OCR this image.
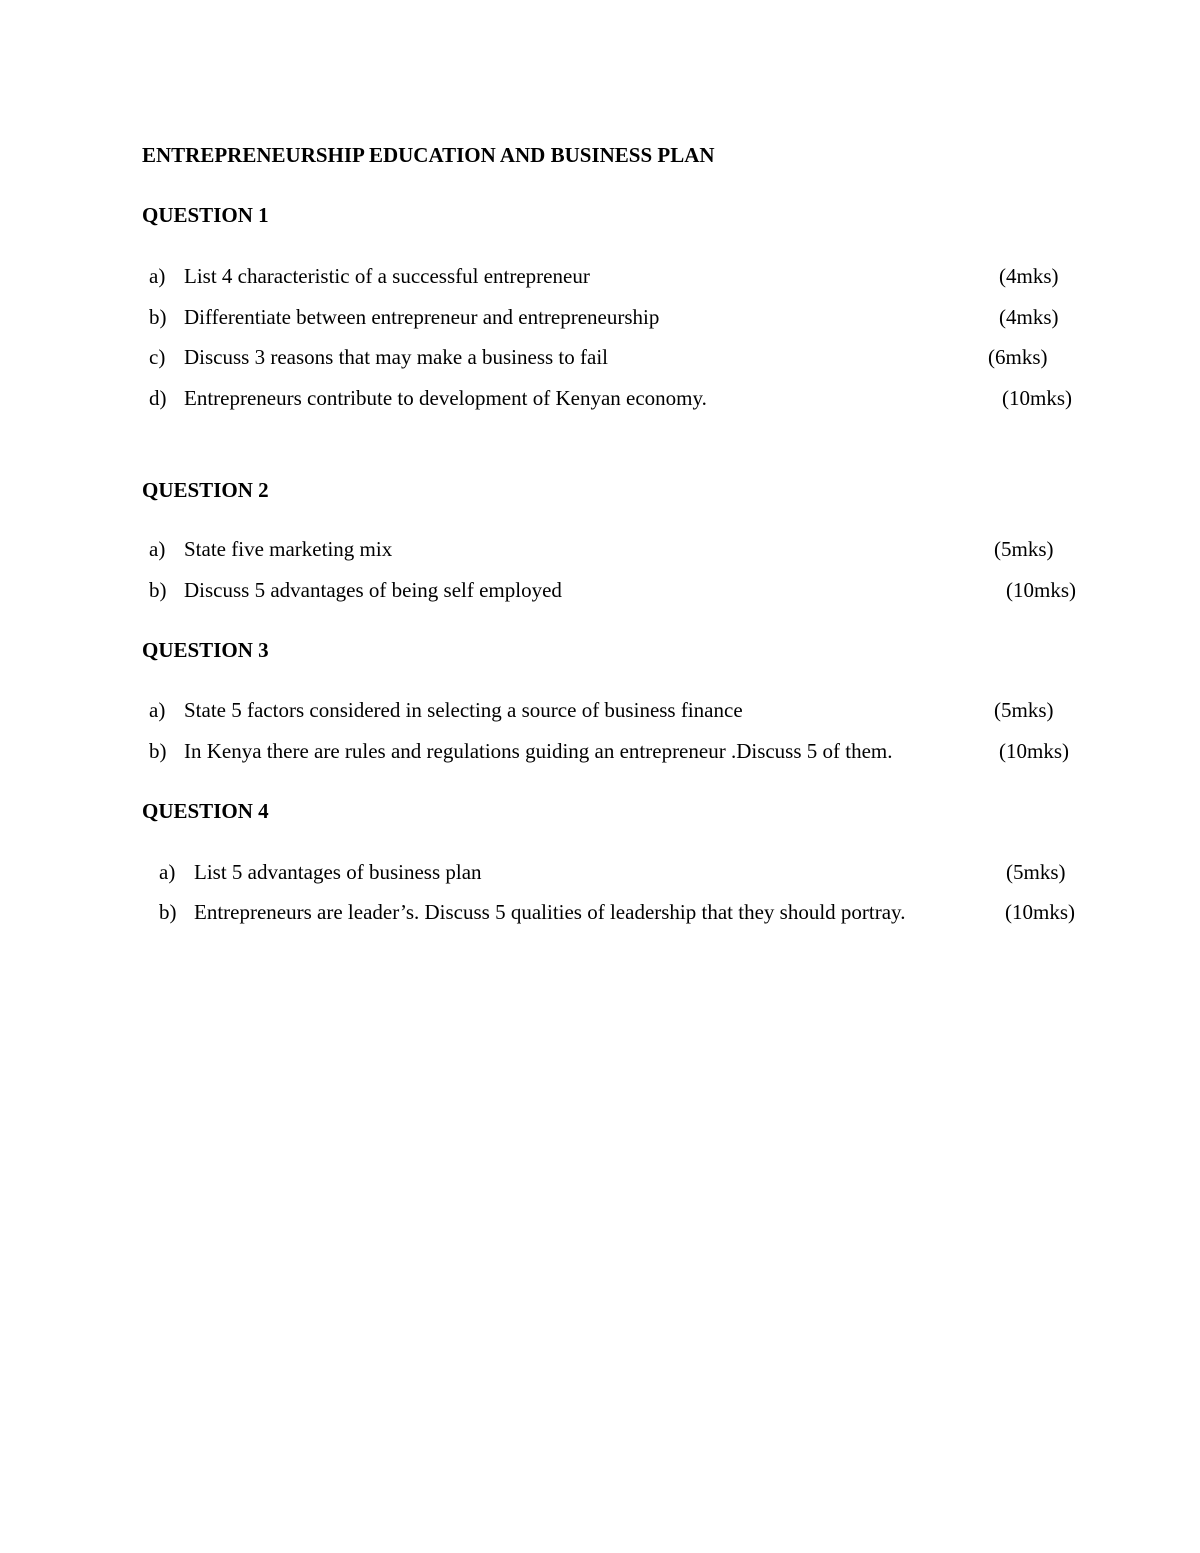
ENTREPRENEURSHIP EDUCATION AND BUSINESS PLAN
QUESTION 1
a) List 4 characteristic of a successful entrepreneur	(4mks)
b) Differentiate between entrepreneur and entrepreneurship	(4mks)
c) Discuss 3 reasons that may make a business to fail	(6mks)
d) Entrepreneurs contribute to development of Kenyan economy.	(10mks)
QUESTION 2
a) State five marketing mix	(5mks)
b) Discuss 5 advantages of being self employed	(10mks)
QUESTION 3
a) State 5 factors considered in selecting a source of business finance	(5mks)
b) In Kenya there are rules and regulations guiding an entrepreneur .Discuss 5 of them.	(10mks)
QUESTION 4
a) List 5 advantages of business plan	(5mks)
b) Entrepreneurs are leader’s. Discuss 5 qualities of leadership that they should portray.	(10mks)
